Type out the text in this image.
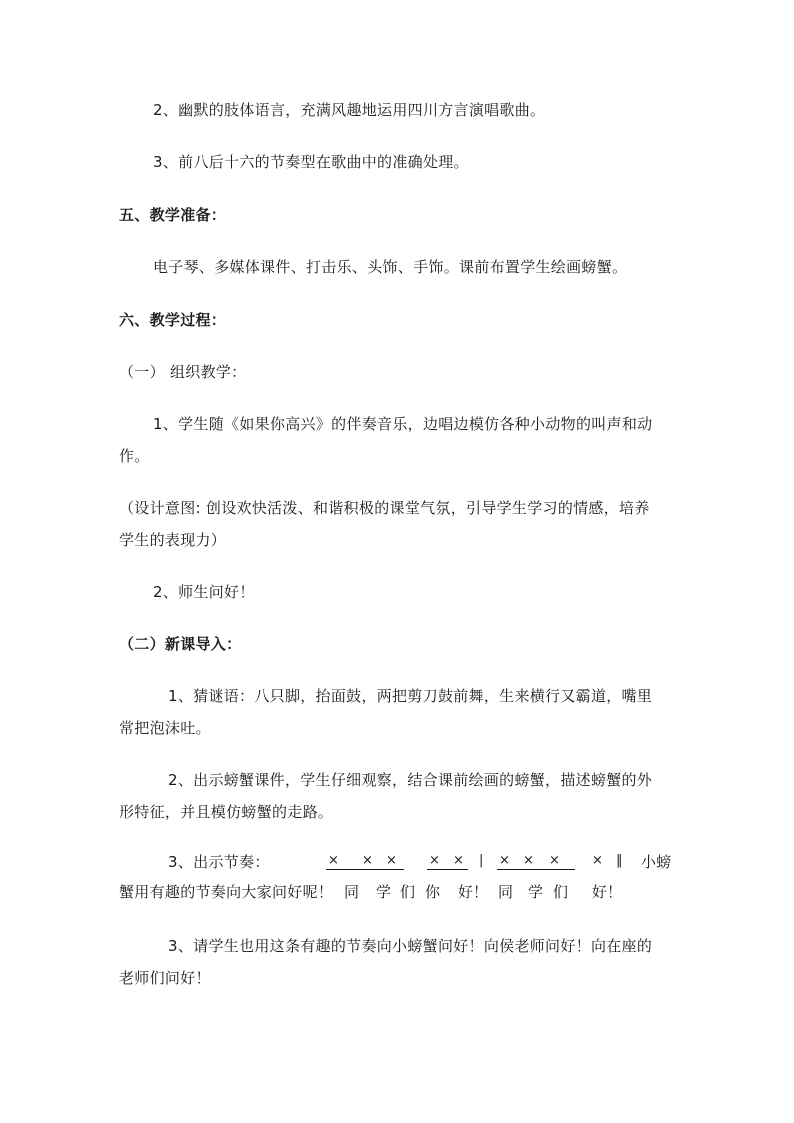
2、幽默的肢体语言，充满风趣地运用四川方言演唱歌曲。
3、前八后十六的节奏型在歌曲中的准确处理。
五、教学准备：
电子琴、多媒体课件、打击乐、头饰、手饰。课前布置学生绘画螃蟹。
六、教学过程：
（一） 组织教学：
1、学生随《如果你高兴》的伴奏音乐，边唱边模仿各种小动物的叫声和动
作。
（设计意图: 创设欢快活泼、和谐积极的课堂气氛，引导学生学习的情感，培养
学生的表现力）
2、师生问好！
（二）新课导入：
1、猜谜语：八只脚，抬面鼓，两把剪刀鼓前舞，生来横行又霸道，嘴里
常把泡沫吐。
2、出示螃蟹课件，学生仔细观察，结合课前绘画的螃蟹，描述螃蟹的外
形特征，并且模仿螃蟹的走路。
3、出示节奏：	小螃
× × × × × | × × × × ‖
蟹用有趣的节奏向大家问好呢！ 同 学 们 你 好！ 同 学 们 好！
3、请学生也用这条有趣的节奏向小螃蟹问好！向侯老师问好！向在座的
老师们问好！
